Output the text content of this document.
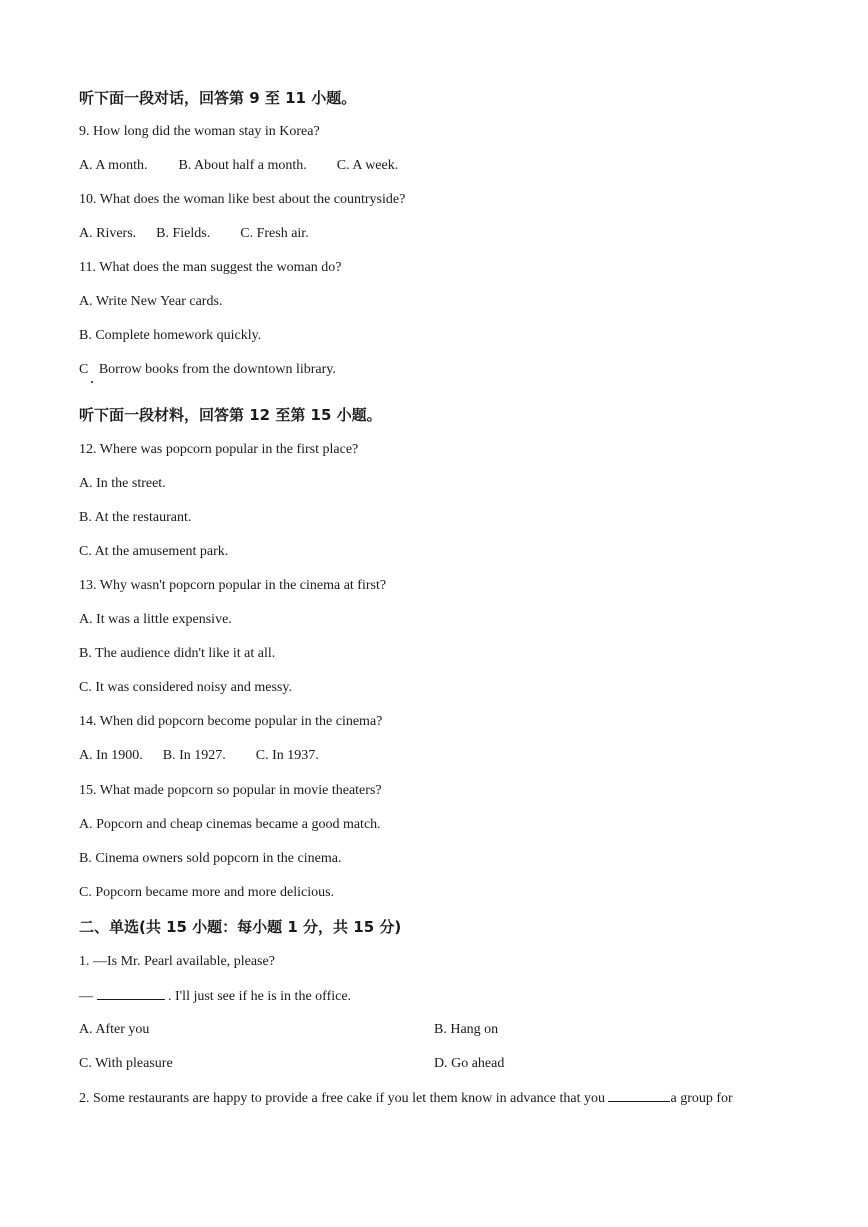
听下面一段对话，回答第 9 至 11 小题。
9. How long did the woman stay in Korea?
A. A month. B. About half a month. C. A week.
10. What does the woman like best about the countryside?
A. Rivers. B. Fields. C. Fresh air.
11. What does the man suggest the woman do?
A. Write New Year cards.
B. Complete homework quickly.
C   Borrow books from the downtown library.
听下面一段材料，回答第 12 至第 15 小题。
12. Where was popcorn popular in the first place?
A. In the street.
B. At the restaurant.
C. At the amusement park.
13. Why wasn't popcorn popular in the cinema at first?
A. It was a little expensive.
B. The audience didn't like it at all.
C. It was considered noisy and messy.
14. When did popcorn become popular in the cinema?
A. In 1900. B. In 1927. C. In 1937.
15. What made popcorn so popular in movie theaters?
A. Popcorn and cheap cinemas became a good match.
B. Cinema owners sold popcorn in the cinema.
C. Popcorn became more and more delicious.
二、单选(共 15 小题：每小题 1 分，共 15 分)
1. —Is Mr. Pearl available, please?
—	. I'll just see if he is in the office.
A. After you	B. Hang on
C. With pleasure	D. Go ahead
2. Some restaurants are happy to provide a free cake if you let them know in advance that you	a group for
